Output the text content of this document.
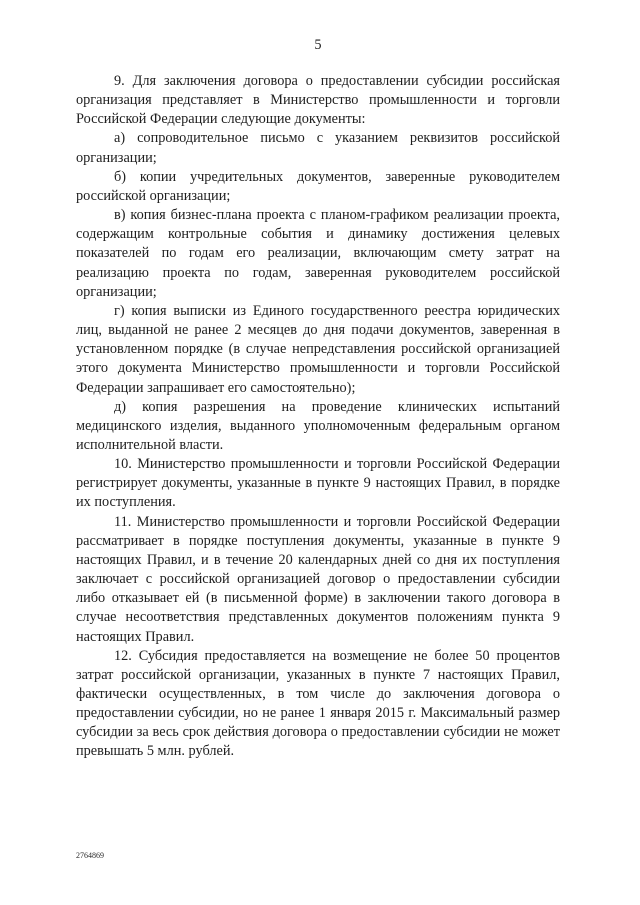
5

9. Для заключения договора о предоставлении субсидии российская организация представляет в Министерство промышленности и торговли Российской Федерации следующие документы:

а) сопроводительное письмо с указанием реквизитов российской организации;

б) копии учредительных документов, заверенные руководителем российской организации;

в) копия бизнес-плана проекта с планом-графиком реализации проекта, содержащим контрольные события и динамику достижения целевых показателей по годам его реализации, включающим смету затрат на реализацию проекта по годам, заверенная руководителем российской организации;

г) копия выписки из Единого государственного реестра юридических лиц, выданной не ранее 2 месяцев до дня подачи документов, заверенная в установленном порядке (в случае непредставления российской организацией этого документа Министерство промышленности и торговли Российской Федерации запрашивает его самостоятельно);

д) копия разрешения на проведение клинических испытаний медицинского изделия, выданного уполномоченным федеральным органом исполнительной власти.

10. Министерство промышленности и торговли Российской Федерации регистрирует документы, указанные в пункте 9 настоящих Правил, в порядке их поступления.

11. Министерство промышленности и торговли Российской Федерации рассматривает в порядке поступления документы, указанные в пункте 9 настоящих Правил, и в течение 20 календарных дней со дня их поступления заключает с российской организацией договор о предоставлении субсидии либо отказывает ей (в письменной форме) в заключении такого договора в случае несоответствия представленных документов положениям пункта 9 настоящих Правил.

12. Субсидия предоставляется на возмещение не более 50 процентов затрат российской организации, указанных в пункте 7 настоящих Правил, фактически осуществленных, в том числе до заключения договора о предоставлении субсидии, но не ранее 1 января 2015 г. Максимальный размер субсидии за весь срок действия договора о предоставлении субсидии не может превышать 5 млн. рублей.

2764869
